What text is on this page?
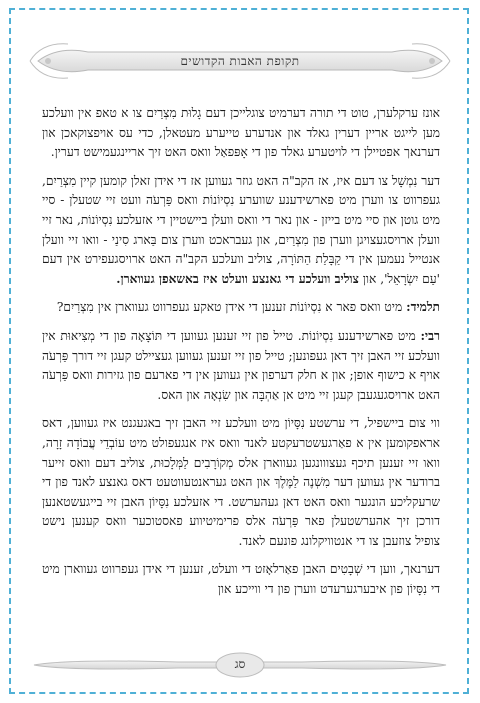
תקופת האבות הקדושים

אונז ערקלערן, טוט די תורה דערמיט צוגלייכן דעם גָלוּת מִצְרַיִם צו א טאפ אין וועלכע מען לייגט אריין דערין גאלד און אנדערע טייערע מעטאלן, כדי עס אויפצוקאכן און דערנאך אפטיילן די לויטערע גאלד פון די אָפּפאַל וואס האט זיך אריינגעמישט דערין.

דער נִמְשָׁל צו דעם איז, אז הקב"ה האט גוזר געווען אז די אידן זאלן קומען קיין מִצְרַיִם, געפרווט צו ווערן מיט פארשידענע שווערע נִסְיוֹנוֹת וואס פַּרְעֹה וועט זיי שטעלן - סיי מיט גוטן און סיי מיט בייזן - און נאר די וואס וועלן ביישטיין די אזעלכע נִסְיוֹנוֹת, נאר זיי וועלן ארויסגעצויגן ווערן פון מִצְרַיִם, און געבראכט ווערן צום בַּארג סִינַי - וואו זיי וועלן אנטייל נעמען אין די קַבָּלַת הַתּוֹרָה, צוליב וועלכע הקב"ה האט ארויסגעפירט אין דעם 'עַם יִשְׂרָאֵל', און צוליב וועלכע די גאנצע וועלט איז באשאפן געווארן.

תלמיד: מיט וואס פאר א נִסְיוֹנוֹת זענען די אידן טאקע געפרווט געווארן אין מִצְרַיִם?

רבי: מיט פארשידענע נִסְיוֹנוֹת. טייל פון זיי זענען געווען די תּוֹצָאָה פון די מְצִיאוּת אין וועלכע זיי האבן זיך דאן געפונען; טייל פון זיי זענען געווען געציילט קעגן זיי דורך פַּרְעֹה אויף א כישוף אופן; און א חלק דערפון אין געווען אין די פארעם פון גזירות וואס פַּרְעֹה האט ארויסגעגעבן קעגן זיי מיט אן אַהְבָּה און שִׂנְאָה און האס.

ווי צום ביישפיל, די ערשטע נִסָּיוֹן מיט וועלכע זיי האבן זיך באגעגנט איז געווען, דאס אראפקומען אין א פאַרגעשטרעקטע לאנד וואס איז אנגעפולט מיט עוֹבְדֵי עֲבוֹדָה זָרָה, וואו זיי זענען תיכף געצווונגען געווארן אלס מְקוֹרָבִים לַמְּלָכוּת, צוליב דעם וואס זייער ברודער אין געווען דער מִשְׁנֶה לַמֶּלֶךְ און האט געראנטעווטעט דאס גאנצע לאנד פון די שרעקליכע הונגער וואס האט דאן געהערשט. די אזעלכע נִסָּיוֹן האבן זיי בייגעשטאנען דורכן זיך אהערשטעלן פאר פַּרְעֹה אלס פרימיטיווע פאסטוכער וואס קענען נישט צופיל צוזעבן צו די אנטוויקלונג פונעם לאנד.

דערנאך, ווען די שְׁבָטִים האבן פאַרלאָזט די וועלט, זענען די אידן געפרווט געווארן מיט די נִסָּיוֹן פון איבערגערעדט ווערן פון די ווייכע און

סג
